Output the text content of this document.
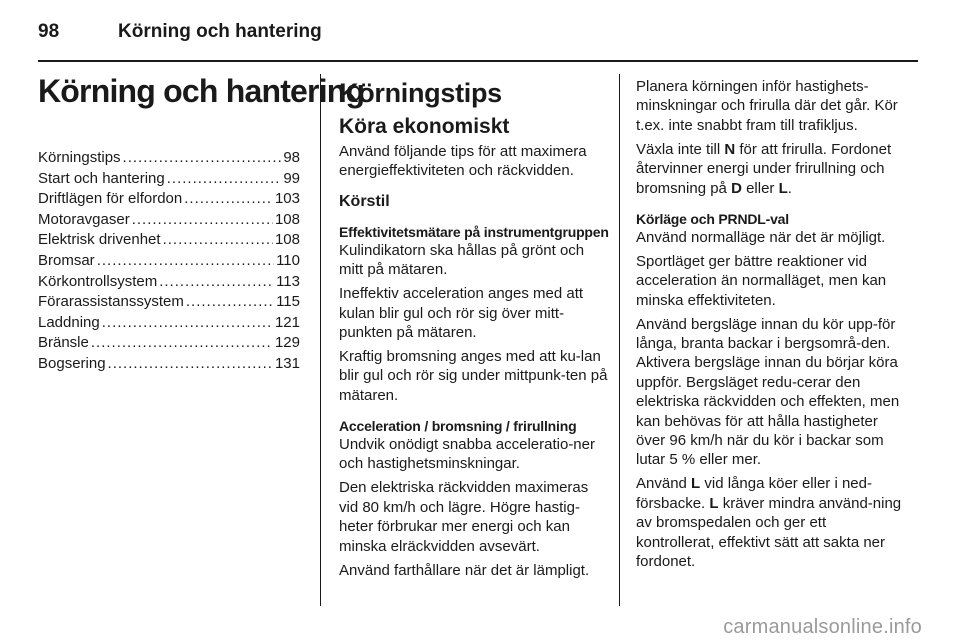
98	Körning och hantering
Körning och hantering
Körningstips .....	98
Start och hantering .....	99
Driftlägen för elfordon .....	103
Motoravgaser .....	108
Elektrisk drivenhet .....	108
Bromsar .....	110
Körkontrollsystem .....	113
Förarassistanssystem .....	115
Laddning .....	121
Bränsle .....	129
Bogsering .....	131
Körningstips
Köra ekonomiskt

Använd följande tips för att maximera energieffektiviteten och räckvidden.

Körstil
Effektivitetsmätare på instrumentgruppen

Kulindikatorn ska hållas på grönt och mitt på mätaren.

Ineffektiv acceleration anges med att kulan blir gul och rör sig över mitt-punkten på mätaren.

Kraftig bromsning anges med att ku-lan blir gul och rör sig under mittpunk-ten på mätaren.

Acceleration / bromsning / frirullning

Undvik onödigt snabba acceleratio-ner och hastighetsminskningar.

Den elektriska räckvidden maximeras vid 80 km/h och lägre. Högre hastig-heter förbrukar mer energi och kan minska elräckvidden avsevärt.

Använd farthållare när det är lämpligt.

Planera körningen inför hastighets-minskningar och frirulla där det går. Kör t.ex. inte snabbt fram till trafikljus.

Växla inte till N för att frirulla. Fordonet återvinner energi under frirullning och bromsning på D eller L.

Körläge och PRNDL-val

Använd normalläge när det är möjligt.

Sportläget ger bättre reaktioner vid acceleration än normalläget, men kan minska effektiviteten.

Använd bergsläge innan du kör upp-för långa, branta backar i bergsområ-den. Aktivera bergsläge innan du börjar köra uppför. Bergsläget redu-cerar den elektriska räckvidden och effekten, men kan behövas för att hålla hastigheter över 96 km/h när du kör i backar som lutar 5 % eller mer.

Använd L vid långa köer eller i ned-försbacke. L kräver mindra använd-ning av bromspedalen och ger ett kontrollerat, effektivt sätt att sakta ner fordonet.

carmanualsonline.info
